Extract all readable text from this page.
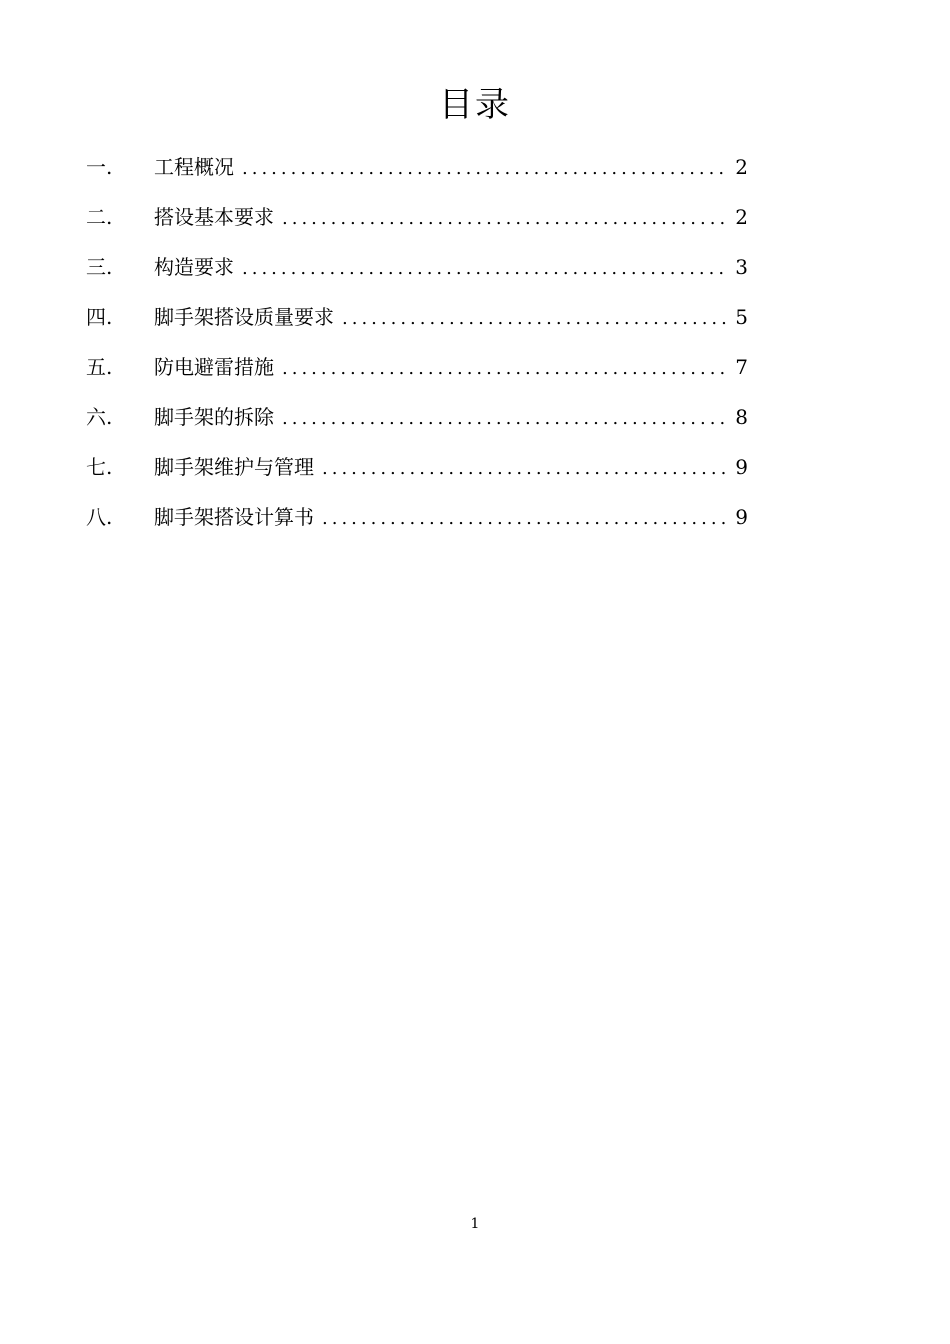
目录
一.	工程概况 .....	2
二.	搭设基本要求 .....	2
三.	构造要求 .....	3
四.	脚手架搭设质量要求 .....	5
五.	防电避雷措施 .....	7
六.	脚手架的拆除 .....	8
七.	脚手架维护与管理 .....	9
八.	脚手架搭设计算书 .....	9
1
